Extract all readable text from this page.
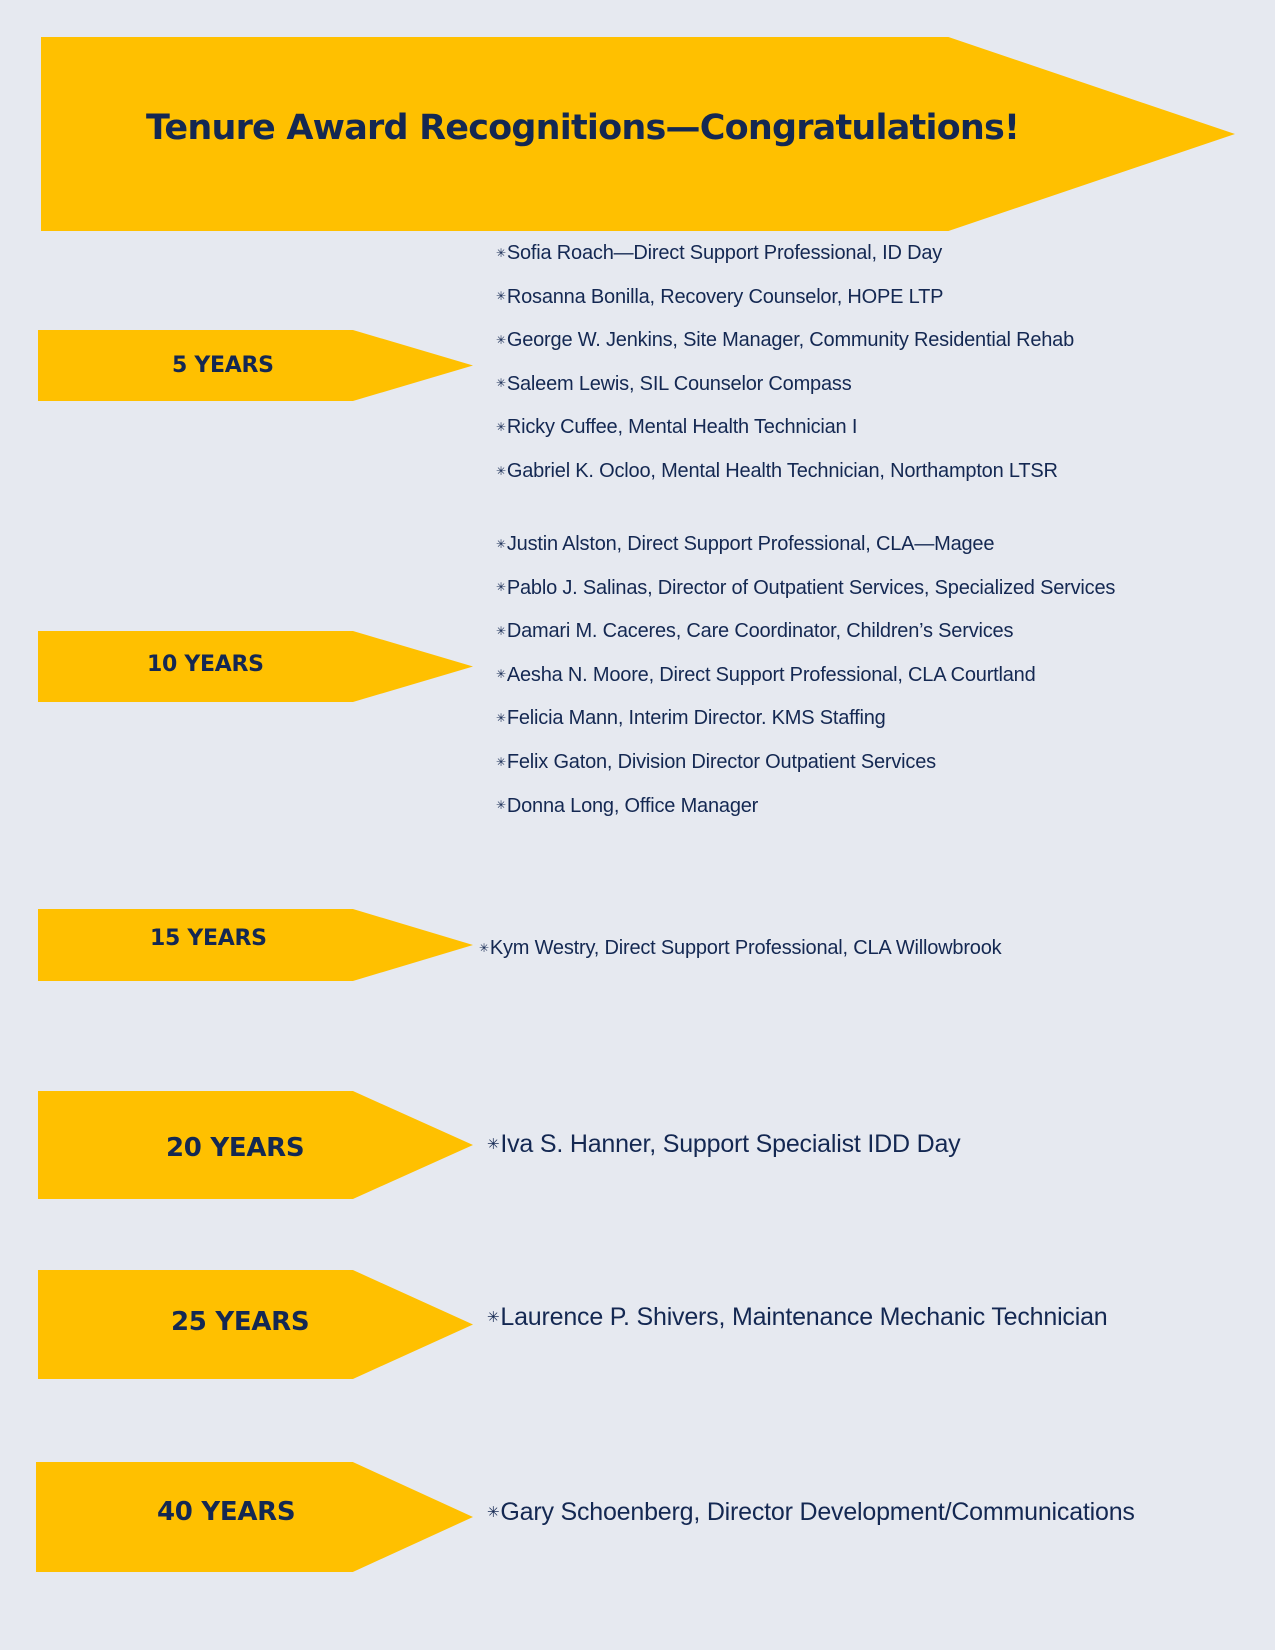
Tenure Award Recognitions—Congratulations!
5 YEARS
✳Sofia Roach—Direct Support Professional, ID Day
✳Rosanna Bonilla, Recovery Counselor, HOPE LTP
✳George W. Jenkins, Site Manager, Community Residential Rehab
✳Saleem Lewis, SIL Counselor Compass
✳Ricky Cuffee, Mental Health Technician I
✳Gabriel K. Ocloo, Mental Health Technician, Northampton LTSR
10 YEARS
✳Justin Alston, Direct Support Professional, CLA—Magee
✳Pablo J. Salinas, Director of Outpatient Services, Specialized Services
✳Damari M. Caceres, Care Coordinator, Children’s Services
✳Aesha N. Moore, Direct Support Professional, CLA Courtland
✳Felicia Mann, Interim Director. KMS Staffing
✳Felix Gaton, Division Director Outpatient Services
✳Donna Long, Office Manager
15 YEARS	✳Kym Westry, Direct Support Professional, CLA Willowbrook
20 YEARS	✳Iva S. Hanner, Support Specialist IDD Day
25 YEARS	✳Laurence P. Shivers, Maintenance Mechanic Technician
40 YEARS	✳Gary Schoenberg, Director Development/Communications
